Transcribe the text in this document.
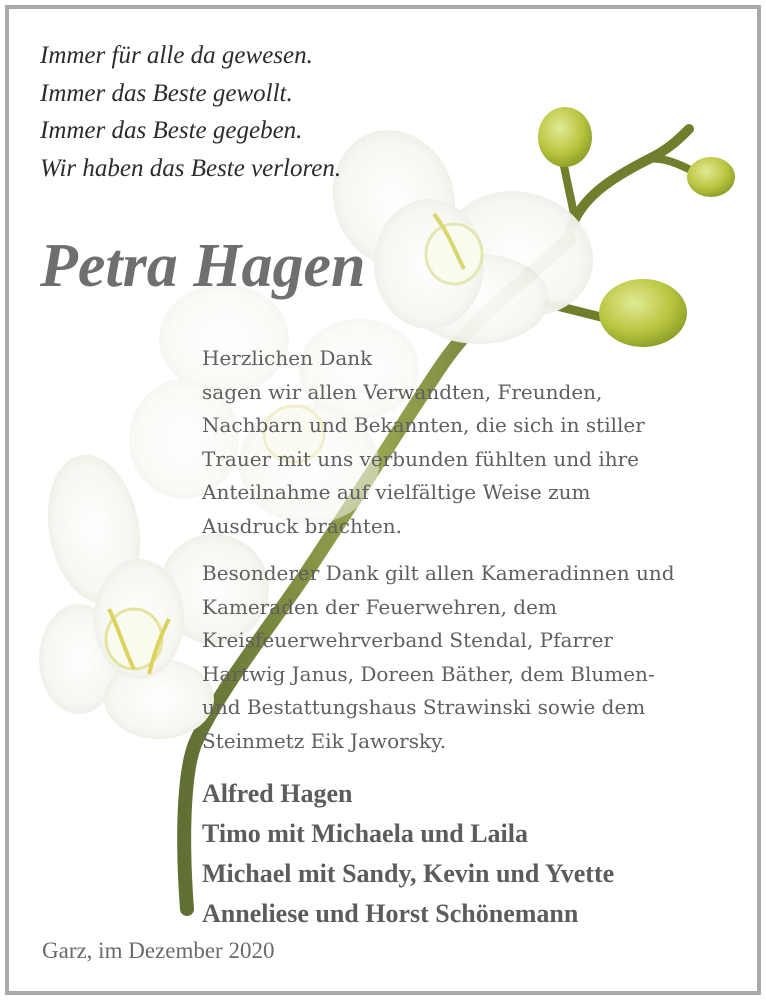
Immer für alle da gewesen.
Immer das Beste gewollt.
Immer das Beste gegeben.
Wir haben das Beste verloren.
Petra Hagen
Herzlichen Dank
sagen wir allen Verwandten, Freunden,
Nachbarn und Bekannten, die sich in stiller
Trauer mit uns verbunden fühlten und ihre
Anteilnahme auf vielfältige Weise zum
Ausdruck brachten.
Besonderer Dank gilt allen Kameradinnen und
Kameraden der Feuerwehren, dem
Kreisfeuerwehrverband Stendal, Pfarrer
Hartwig Janus, Doreen Bäther, dem Blumen-
und Bestattungshaus Strawinski sowie dem
Steinmetz Eik Jaworsky.
Alfred Hagen
Timo mit Michaela und Laila
Michael mit Sandy, Kevin und Yvette
Anneliese und Horst Schönemann
Garz, im Dezember 2020
